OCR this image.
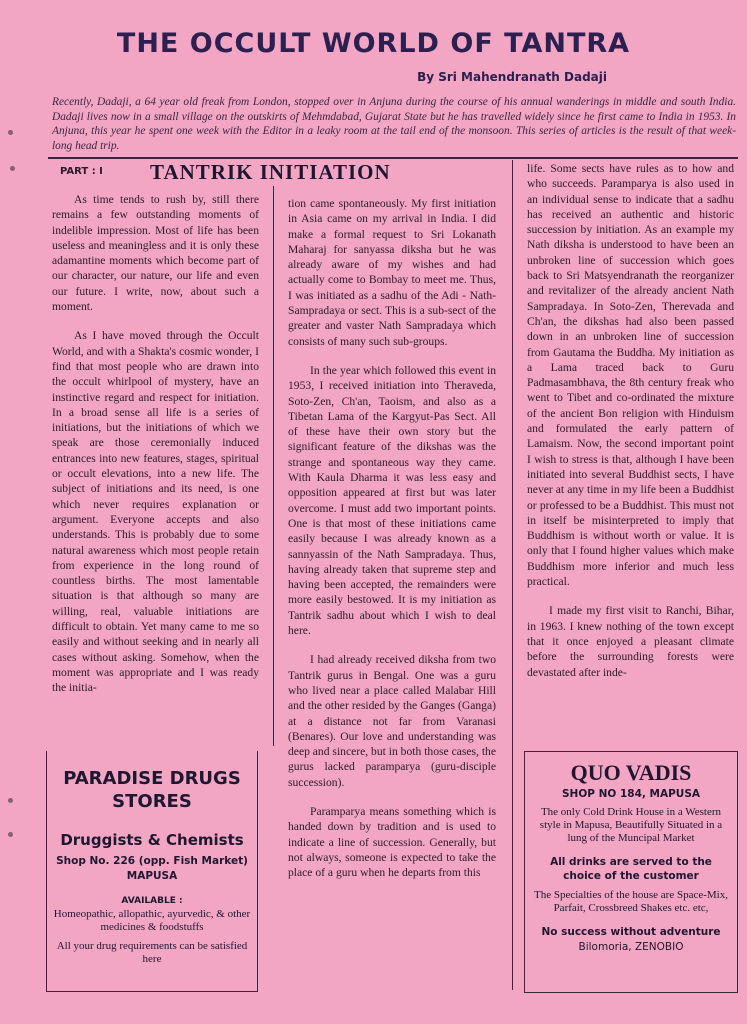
THE OCCULT WORLD OF TANTRA
By Sri Mahendranath Dadaji
Recently, Dadaji, a 64 year old freak from London, stopped over in Anjuna during the course of his annual wanderings in middle and south India. Dadaji lives now in a small village on the outskirts of Mehmdabad, Gujarat State but he has travelled widely since he first came to India in 1953. In Anjuna, this year he spent one week with the Editor in a leaky room at the tail end of the monsoon. This series of articles is the result of that week-long head trip.
PART : I TANTRIK INITIATION

As time tends to rush by, still there remains a few outstanding moments of indelible impression. Most of life has been useless and meaningless and it is only these adamantine moments which become part of our character, our nature, our life and even our future. I write, now, about such a moment.

As I have moved through the Occult World, and with a Shakta's cosmic wonder, I find that most people who are drawn into the occult whirlpool of mystery, have an instinctive regard and respect for initiation. In a broad sense all life is a series of initiations, but the initiations of which we speak are those ceremonially induced entrances into new features, stages, spiritual or occult elevations, into a new life. The subject of initiations and its need, is one which never requires explanation or argument. Everyone accepts and also understands. This is probably due to some natural awareness which most people retain from experience in the long round of countless births. The most lamentable situation is that although so many are willing, real, valuable initiations are difficult to obtain. Yet many came to me so easily and without seeking and in nearly all cases without asking. Somehow, when the moment was appropriate and I was ready the initia-

tion came spontaneously. My first initiation in Asia came on my arrival in India. I did make a formal request to Sri Lokanath Maharaj for sanyassa diksha but he was already aware of my wishes and had actually come to Bombay to meet me. Thus, I was initiated as a sadhu of the Adi - Nath-Sampradaya or sect. This is a sub-sect of the greater and vaster Nath Sampradaya which consists of many such sub-groups.

In the year which followed this event in 1953, I received initiation into Theraveda, Soto-Zen, Ch'an, Taoism, and also as a Tibetan Lama of the Kargyut-Pas Sect. All of these have their own story but the significant feature of the dikshas was the strange and spontaneous way they came. With Kaula Dharma it was less easy and opposition appeared at first but was later overcome. I must add two important points. One is that most of these initiations came easily because I was already known as a sannyassin of the Nath Sampradaya. Thus, having already taken that supreme step and having been accepted, the remainders were more easily bestowed. It is my initiation as Tantrik sadhu about which I wish to deal here.

I had already received diksha from two Tantrik gurus in Bengal. One was a guru who lived near a place called Malabar Hill and the other resided by the Ganges (Ganga) at a distance not far from Varanasi (Benares). Our love and understanding was deep and sincere, but in both those cases, the gurus lacked paramparya (guru-disciple succession).

Paramparya means something which is handed down by tradition and is used to indicate a line of succession. Generally, but not always, someone is expected to take the place of a guru when he departs from this

life. Some sects have rules as to how and who succeeds. Paramparya is also used in an individual sense to indicate that a sadhu has received an authentic and historic succession by initiation. As an example my Nath diksha is understood to have been an unbroken line of succession which goes back to Sri Matsyendranath the reorganizer and revitalizer of the already ancient Nath Sampradaya. In Soto-Zen, Therevada and Ch'an, the dikshas had also been passed down in an unbroken line of succession from Gautama the Buddha. My initiation as a Lama traced back to Guru Padmasambhava, the 8th century freak who went to Tibet and co-ordinated the mixture of the ancient Bon religion with Hinduism and formulated the early pattern of Lamaism. Now, the second important point I wish to stress is that, although I have been initiated into several Buddhist sects, I have never at any time in my life been a Buddhist or professed to be a Buddhist. This must not in itself be misinterpreted to imply that Buddhism is without worth or value. It is only that I found higher values which make Buddhism more inferior and much less practical.

I made my first visit to Ranchi, Bihar, in 1963. I knew nothing of the town except that it once enjoyed a pleasant climate before the surrounding forests were devastated after inde-

PARADISE DRUGS
STORES
Druggists & Chemists
Shop No. 226 (opp. Fish Market)
MAPUSA
AVAILABLE :
Homeopathic, allopathic, ayurvedic, & other medicines & foodstuffs
All your drug requirements can be satisfied here
QUO VADIS
SHOP NO 184, MAPUSA
The only Cold Drink House in a Western style in Mapusa, Beautifully Situated in a lung of the Muncipal Market
All drinks are served to the choice of the customer
The Specialties of the house are Space-Mix, Parfait, Crossbreed Shakes etc. etc,
No success without adventure
Bilomoria, ZENOBIO
